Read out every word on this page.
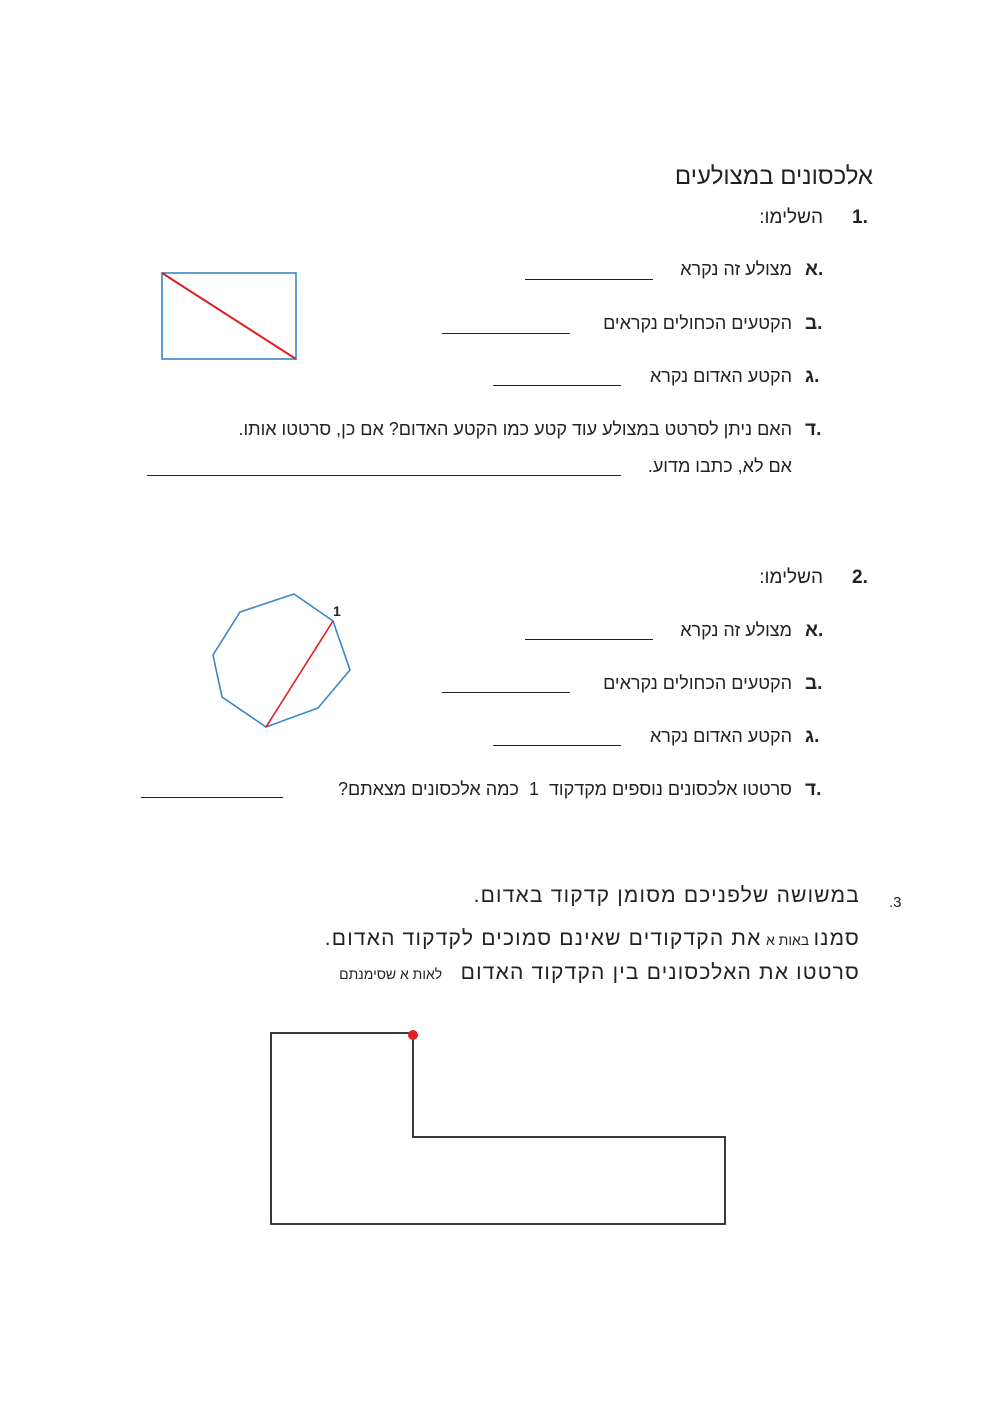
אלכסונים במצולעים
1.
השלימו:
א.
מצולע זה נקרא
ב.
הקטעים הכחולים נקראים
ג.
הקטע האדום נקרא
ד.
האם ניתן לסרטט במצולע עוד קטע כמו הקטע האדום? אם כן, סרטטו אותו.
אם לא, כתבו מדוע.
2.
השלימו:
א.
מצולע זה נקרא
ב.
הקטעים הכחולים נקראים
ג.
הקטע האדום נקרא
ד.
סרטטו אלכסונים נוספים מקדקוד  1  כמה אלכסונים מצאתם?
1
.3
במשושה שלפניכם מסומן קדקוד באדום.
סמנו באות א את הקדקודים שאינם סמוכים לקדקוד האדום.
סרטטו את האלכסונים בין הקדקוד האדום לאות א שסימנתם
